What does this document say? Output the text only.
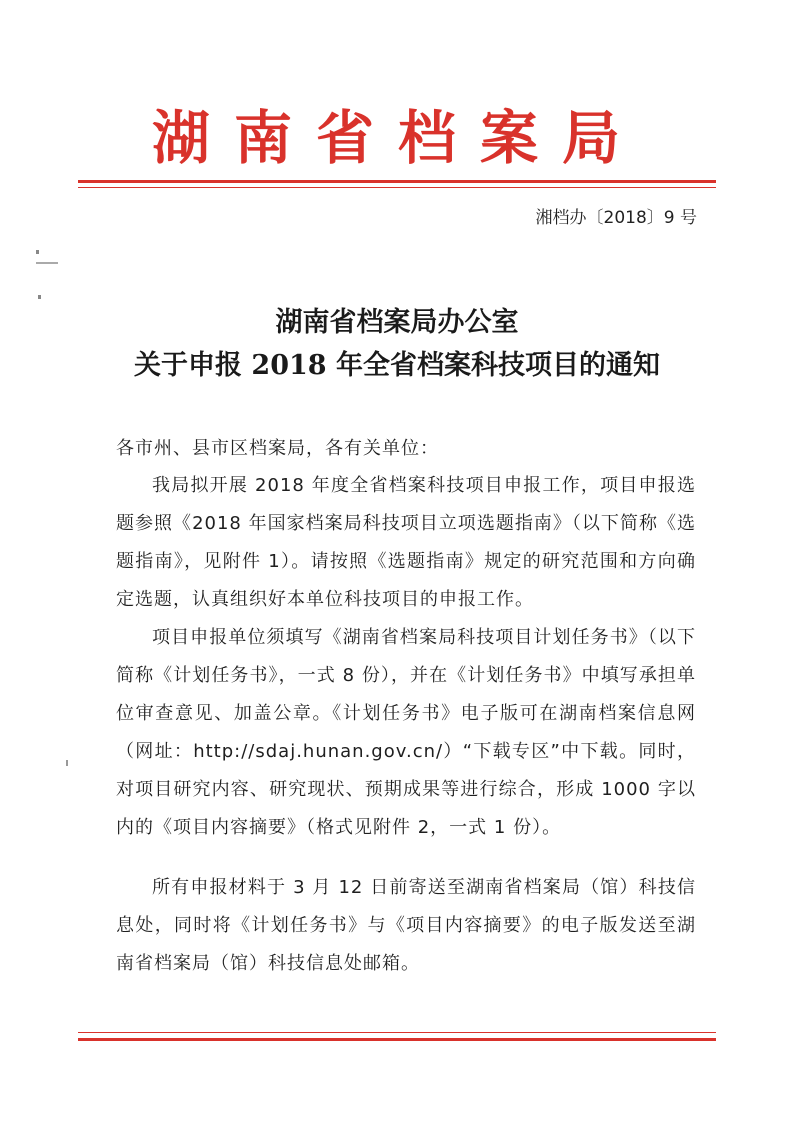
湖南省档案局
湘档办〔2018〕9 号
湖南省档案局办公室
关于申报 2018 年全省档案科技项目的通知
各市州、县市区档案局，各有关单位：
我局拟开展 2018 年度全省档案科技项目申报工作，项目申报选题参照《2018 年国家档案局科技项目立项选题指南》（以下简称《选题指南》，见附件 1）。请按照《选题指南》规定的研究范围和方向确定选题，认真组织好本单位科技项目的申报工作。
项目申报单位须填写《湖南省档案局科技项目计划任务书》（以下简称《计划任务书》，一式 8 份），并在《计划任务书》中填写承担单位审查意见、加盖公章。《计划任务书》电子版可在湖南档案信息网（网址：http://sdaj.hunan.gov.cn/）“下载专区”中下载。同时，对项目研究内容、研究现状、预期成果等进行综合，形成 1000 字以内的《项目内容摘要》（格式见附件 2，一式 1 份）。
所有申报材料于 3 月 12 日前寄送至湖南省档案局（馆）科技信息处，同时将《计划任务书》与《项目内容摘要》的电子版发送至湖南省档案局（馆）科技信息处邮箱。
